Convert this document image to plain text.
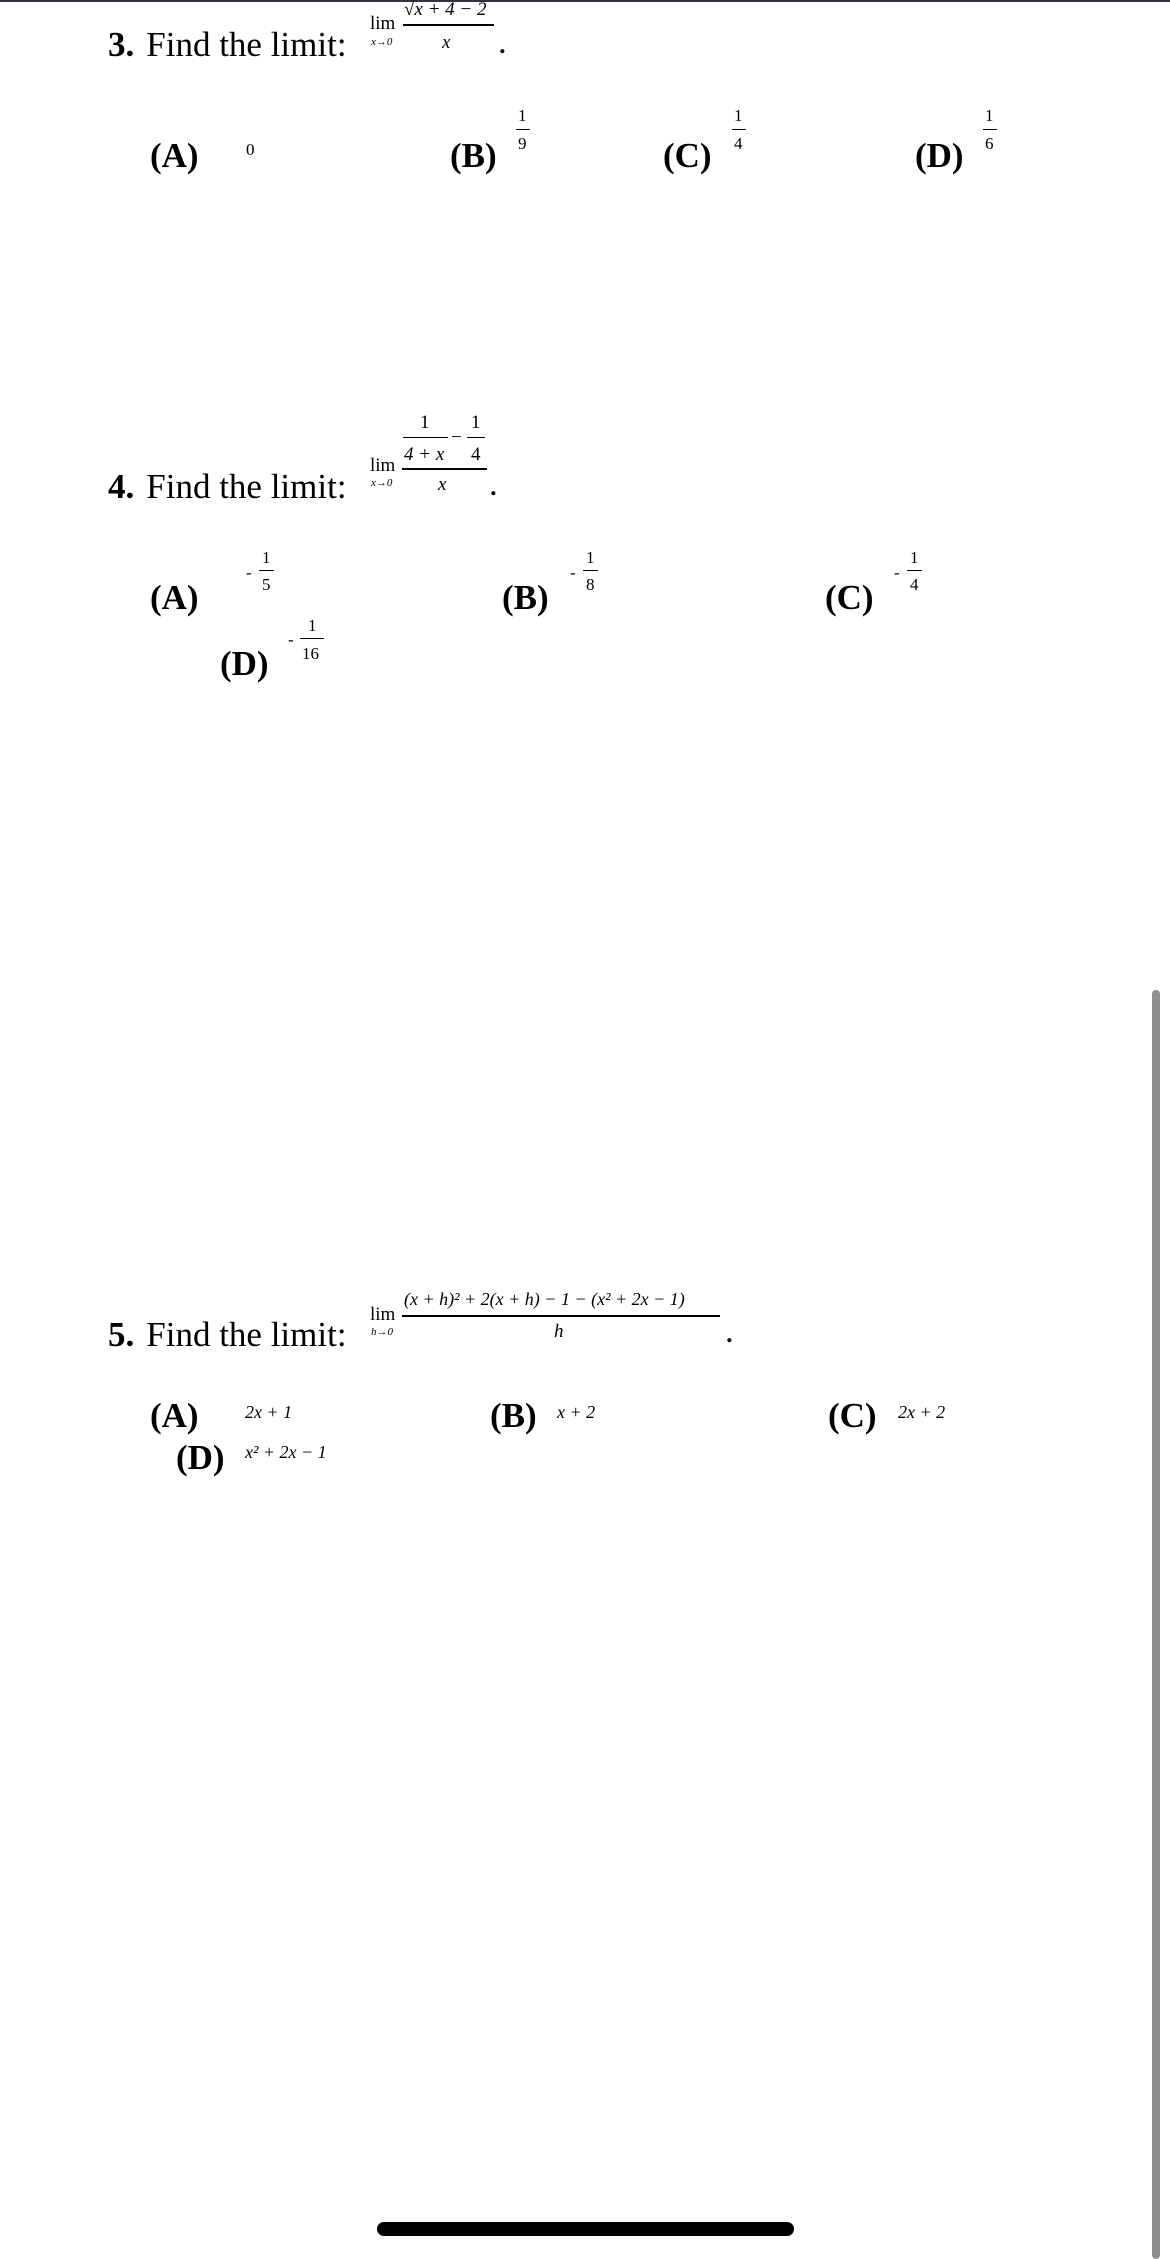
3. Find the limit:
lim
x→0
√x + 4 − 2
x .
(A)	0	(B)
1
9	(C)
1
4	(D)
1
6
4. Find the limit:
lim
x→0
1
4 + x
−
1
4
x .
(A)
-
1
5	(B)
-
1
8	(C)
-
1
4
(D)
-
1
16
5. Find the limit:
lim
h→0
(x + h)² + 2(x + h) − 1 − (x² + 2x − 1)
h	.
(A)	2x + 1	(B) x + 2	(C) 2x + 2
(D) x² + 2x − 1
